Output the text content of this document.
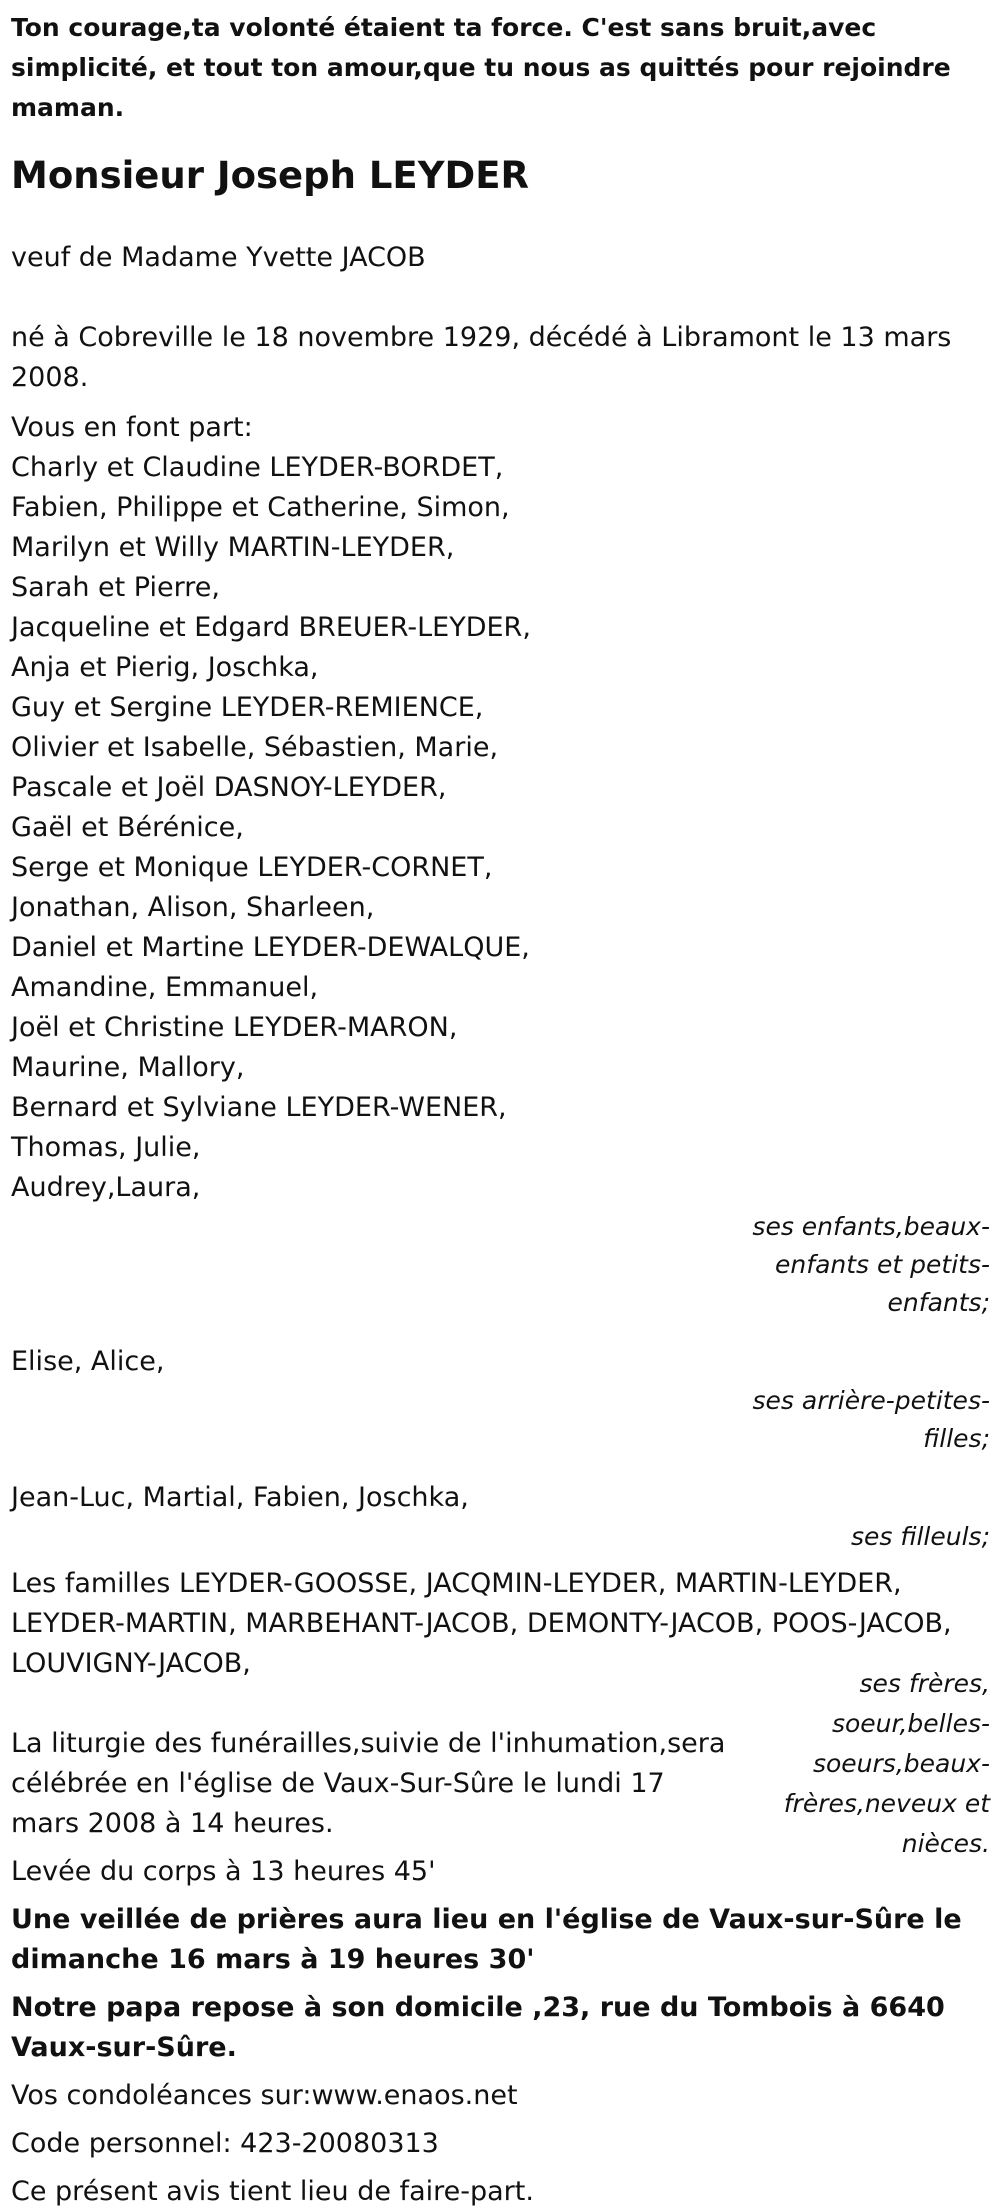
Ton courage,ta volonté étaient ta force. C'est sans bruit,avec simplicité, et tout ton amour,que tu nous as quittés pour rejoindre maman.

Monsieur Joseph LEYDER

veuf de Madame Yvette JACOB

né à Cobreville le 18 novembre 1929, décédé à Libramont le 13 mars 2008.

Vous en font part:

Charly et Claudine LEYDER-BORDET,
Fabien, Philippe et Catherine, Simon,
Marilyn et Willy MARTIN-LEYDER,
Sarah et Pierre,
Jacqueline et Edgard BREUER-LEYDER,
Anja et Pierig, Joschka,
Guy et Sergine LEYDER-REMIENCE,
Olivier et Isabelle, Sébastien, Marie,
Pascale et Joël DASNOY-LEYDER,
Gaël et Bérénice,
Serge et Monique LEYDER-CORNET,
Jonathan, Alison, Sharleen,
Daniel et Martine LEYDER-DEWALQUE,
Amandine, Emmanuel,
Joël et Christine LEYDER-MARON,
Maurine, Mallory,
Bernard et Sylviane LEYDER-WENER,
Thomas, Julie,
Audrey,Laura,
ses enfants,beaux-enfants et petits-enfants;

Elise, Alice,

ses arrière-petites-filles;

Jean-Luc, Martial, Fabien, Joschka,

ses filleuls;

Les familles LEYDER-GOOSSE, JACQMIN-LEYDER, MARTIN-LEYDER, LEYDER-MARTIN, MARBEHANT-JACOB, DEMONTY-JACOB, POOS-JACOB, LOUVIGNY-JACOB,

La liturgie des funérailles,suivie de l'inhumation,sera célébrée en l'église de Vaux-Sur-Sûre le lundi 17 mars 2008 à 14 heures.

ses frères, soeur,belles-soeurs,beaux-frères,neveux et nièces.

Levée du corps à 13 heures 45'

Une veillée de prières aura lieu en l'église de Vaux-sur-Sûre le dimanche 16 mars à 19 heures 30'

Notre papa repose à son domicile ,23, rue du Tombois à 6640 Vaux-sur-Sûre.

Vos condoléances sur:www.enaos.net

Code personnel: 423-20080313

Ce présent avis tient lieu de faire-part.
